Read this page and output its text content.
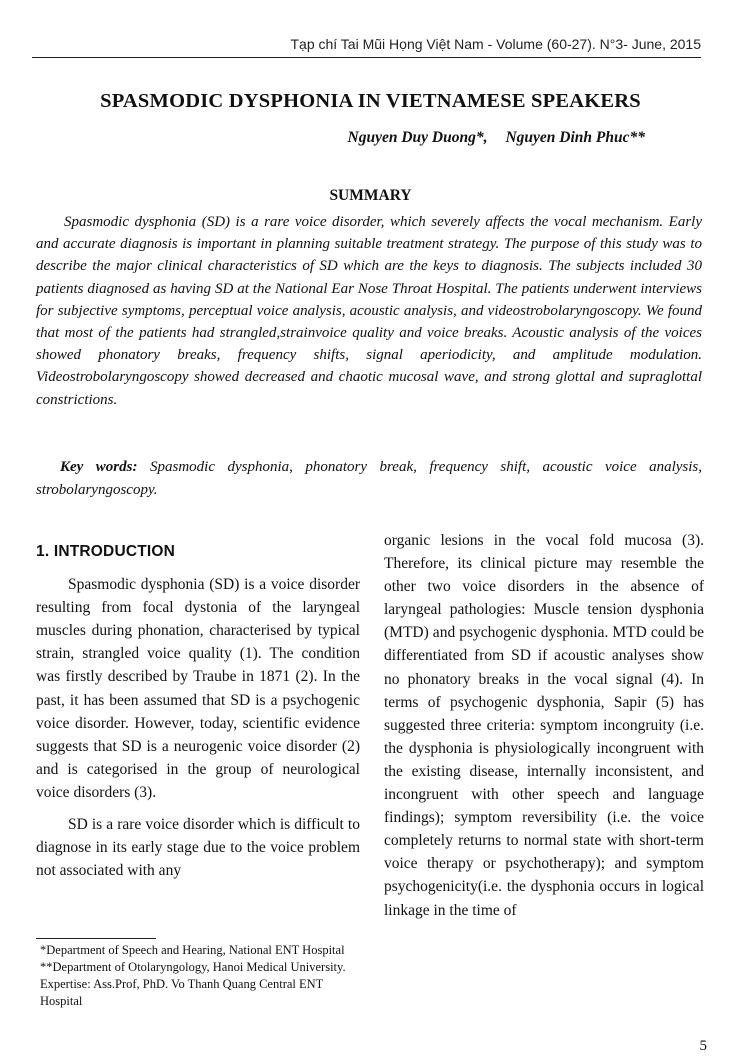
Tạp chí Tai Mũi Họng Việt Nam - Volume (60-27). N°3- June, 2015
SPASMODIC DYSPHONIA IN VIETNAMESE SPEAKERS
Nguyen Duy Duong*, Nguyen Dinh Phuc**
SUMMARY

Spasmodic dysphonia (SD) is a rare voice disorder, which severely affects the vocal mechanism. Early and accurate diagnosis is important in planning suitable treatment strategy. The purpose of this study was to describe the major clinical characteristics of SD which are the keys to diagnosis. The subjects included 30 patients diagnosed as having SD at the National Ear Nose Throat Hospital. The patients underwent interviews for subjective symptoms, perceptual voice analysis, acoustic analysis, and videostrobolaryngoscopy. We found that most of the patients had strangled,strainvoice quality and voice breaks. Acoustic analysis of the voices showed phonatory breaks, frequency shifts, signal aperiodicity, and amplitude modulation. Videostrobolaryngoscopy showed decreased and chaotic mucosal wave, and strong glottal and supraglottal constrictions.

Key words: Spasmodic dysphonia, phonatory break, frequency shift, acoustic voice analysis, strobolaryngoscopy.

1. INTRODUCTION

Spasmodic dysphonia (SD) is a voice disorder resulting from focal dystonia of the laryngeal muscles during phonation, characterised by typical strain, strangled voice quality (1). The condition was firstly described by Traube in 1871 (2). In the past, it has been assumed that SD is a psychogenic voice disorder. However, today, scientific evidence suggests that SD is a neurogenic voice disorder (2) and is categorised in the group of neurological voice disorders (3).

SD is a rare voice disorder which is difficult to diagnose in its early stage due to the voice problem not associated with any

organic lesions in the vocal fold mucosa (3). Therefore, its clinical picture may resemble the other two voice disorders in the absence of laryngeal pathologies: Muscle tension dysphonia (MTD) and psychogenic dysphonia. MTD could be differentiated from SD if acoustic analyses show no phonatory breaks in the vocal signal (4). In terms of psychogenic dysphonia, Sapir (5) has suggested three criteria: symptom incongruity (i.e. the dysphonia is physiologically incongruent with the existing disease, internally inconsistent, and incongruent with other speech and language findings); symptom reversibility (i.e. the voice completely returns to normal state with short-term voice therapy or psychotherapy); and symptom psychogenicity(i.e. the dysphonia occurs in logical linkage in the time of

*Department of Speech and Hearing, National ENT Hospital
**Department of Otolaryngology, Hanoi Medical University.
Expertise: Ass.Prof, PhD. Vo Thanh Quang Central ENT Hospital
5
